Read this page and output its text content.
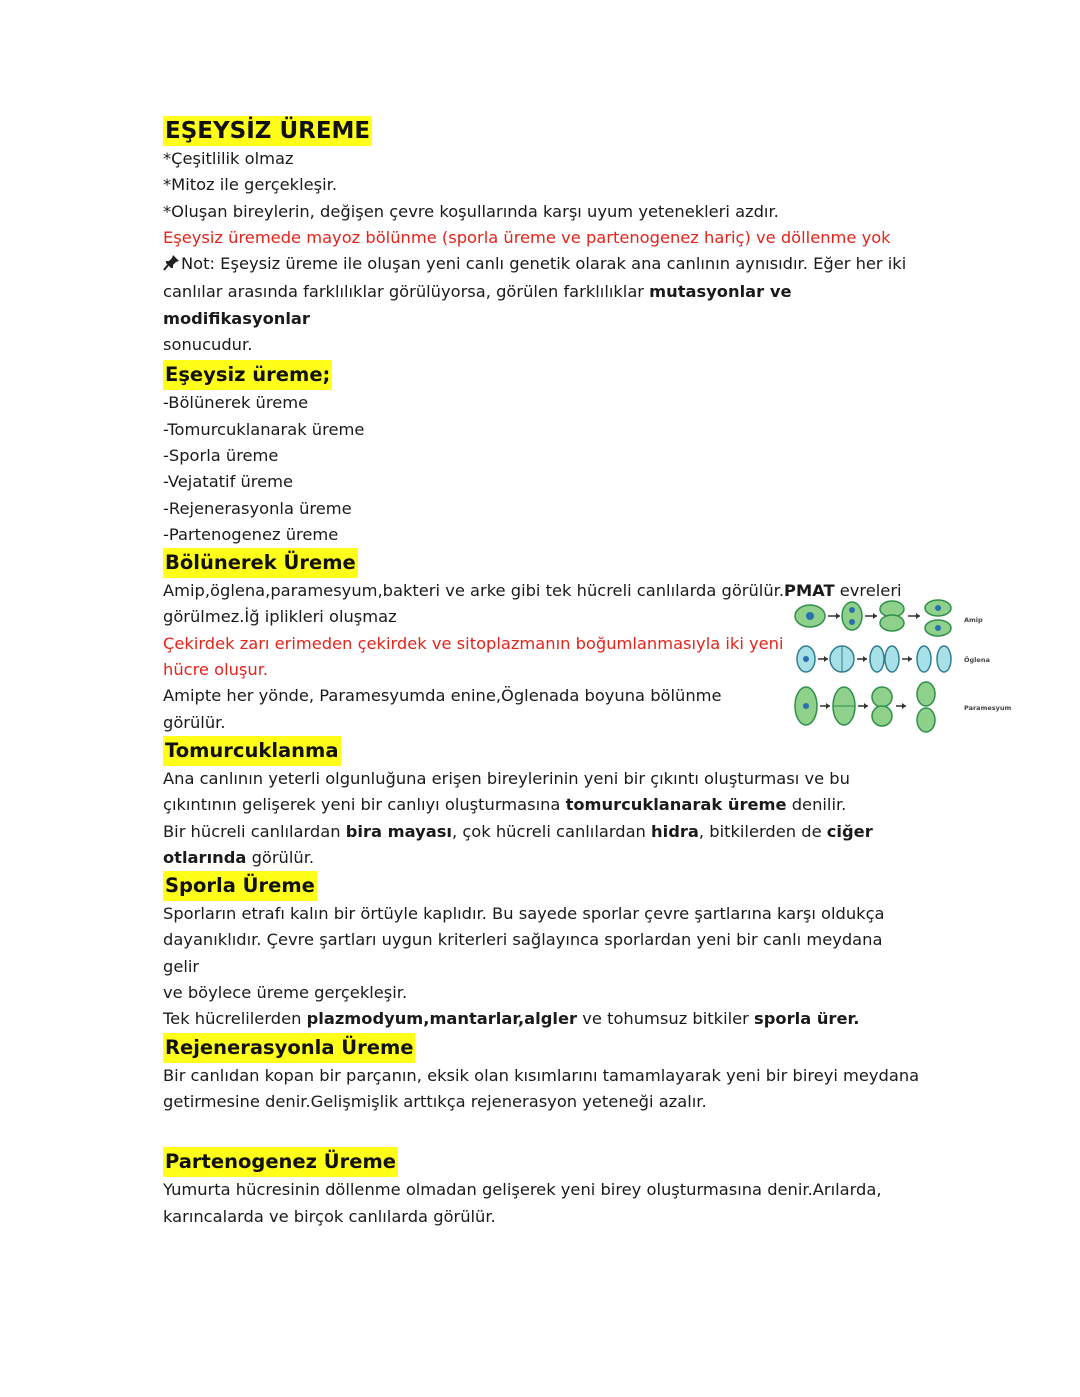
EŞEYSİZ ÜREME

*Çeşitlilik olmaz

*Mitoz ile gerçekleşir.

*Oluşan bireylerin, değişen çevre koşullarında karşı uyum yetenekleri azdır.

Eşeysiz üremede mayoz bölünme (sporla üreme ve partenogenez hariç) ve döllenme yok

Not: Eşeysiz üreme ile oluşan yeni canlı genetik olarak ana canlının aynısıdır. Eğer her iki
canlılar arasında farklılıklar görülüyorsa, görülen farklılıklar mutasyonlar ve modifikasyonlar
sonucudur.

Eşeysiz üreme;

-Bölünerek üreme

-Tomurcuklanarak üreme

-Sporla üreme

-Vejatatif üreme

-Rejenerasyonla üreme

-Partenogenez üreme

Bölünerek Üreme

Amip,öglena,paramesyum,bakteri ve arke gibi tek hücreli canlılarda görülür.PMAT evreleri

görülmez.İğ iplikleri oluşmaz

Çekirdek zarı erimeden çekirdek ve sitoplazmanın boğumlanmasıyla iki yeni

hücre oluşur.

Amipte her yönde, Paramesyumda enine,Öglenada boyuna bölünme

görülür.

Tomurcuklanma

Ana canlının yeterli olgunluğuna erişen bireylerinin yeni bir çıkıntı oluşturması ve bu

çıkıntının gelişerek yeni bir canlıyı oluşturmasına tomurcuklanarak üreme denilir.

Bir hücreli canlılardan bira mayası, çok hücreli canlılardan hidra, bitkilerden de ciğer

otlarında görülür.

Sporla Üreme

Sporların etrafı kalın bir örtüyle kaplıdır. Bu sayede sporlar çevre şartlarına karşı oldukça

dayanıklıdır. Çevre şartları uygun kriterleri sağlayınca sporlardan yeni bir canlı meydana gelir

ve böylece üreme gerçekleşir.

Tek hücrelilerden plazmodyum,mantarlar,algler ve tohumsuz bitkiler sporla ürer.

Rejenerasyonla Üreme

Bir canlıdan kopan bir parçanın, eksik olan kısımlarını tamamlayarak yeni bir bireyi meydana

getirmesine denir.Gelişmişlik arttıkça rejenerasyon yeteneği azalır.

Partenogenez Üreme

Yumurta hücresinin döllenme olmadan gelişerek yeni birey oluşturmasına denir.Arılarda,

karıncalarda ve birçok canlılarda görülür.

Amip
Öglena
Paramesyum
